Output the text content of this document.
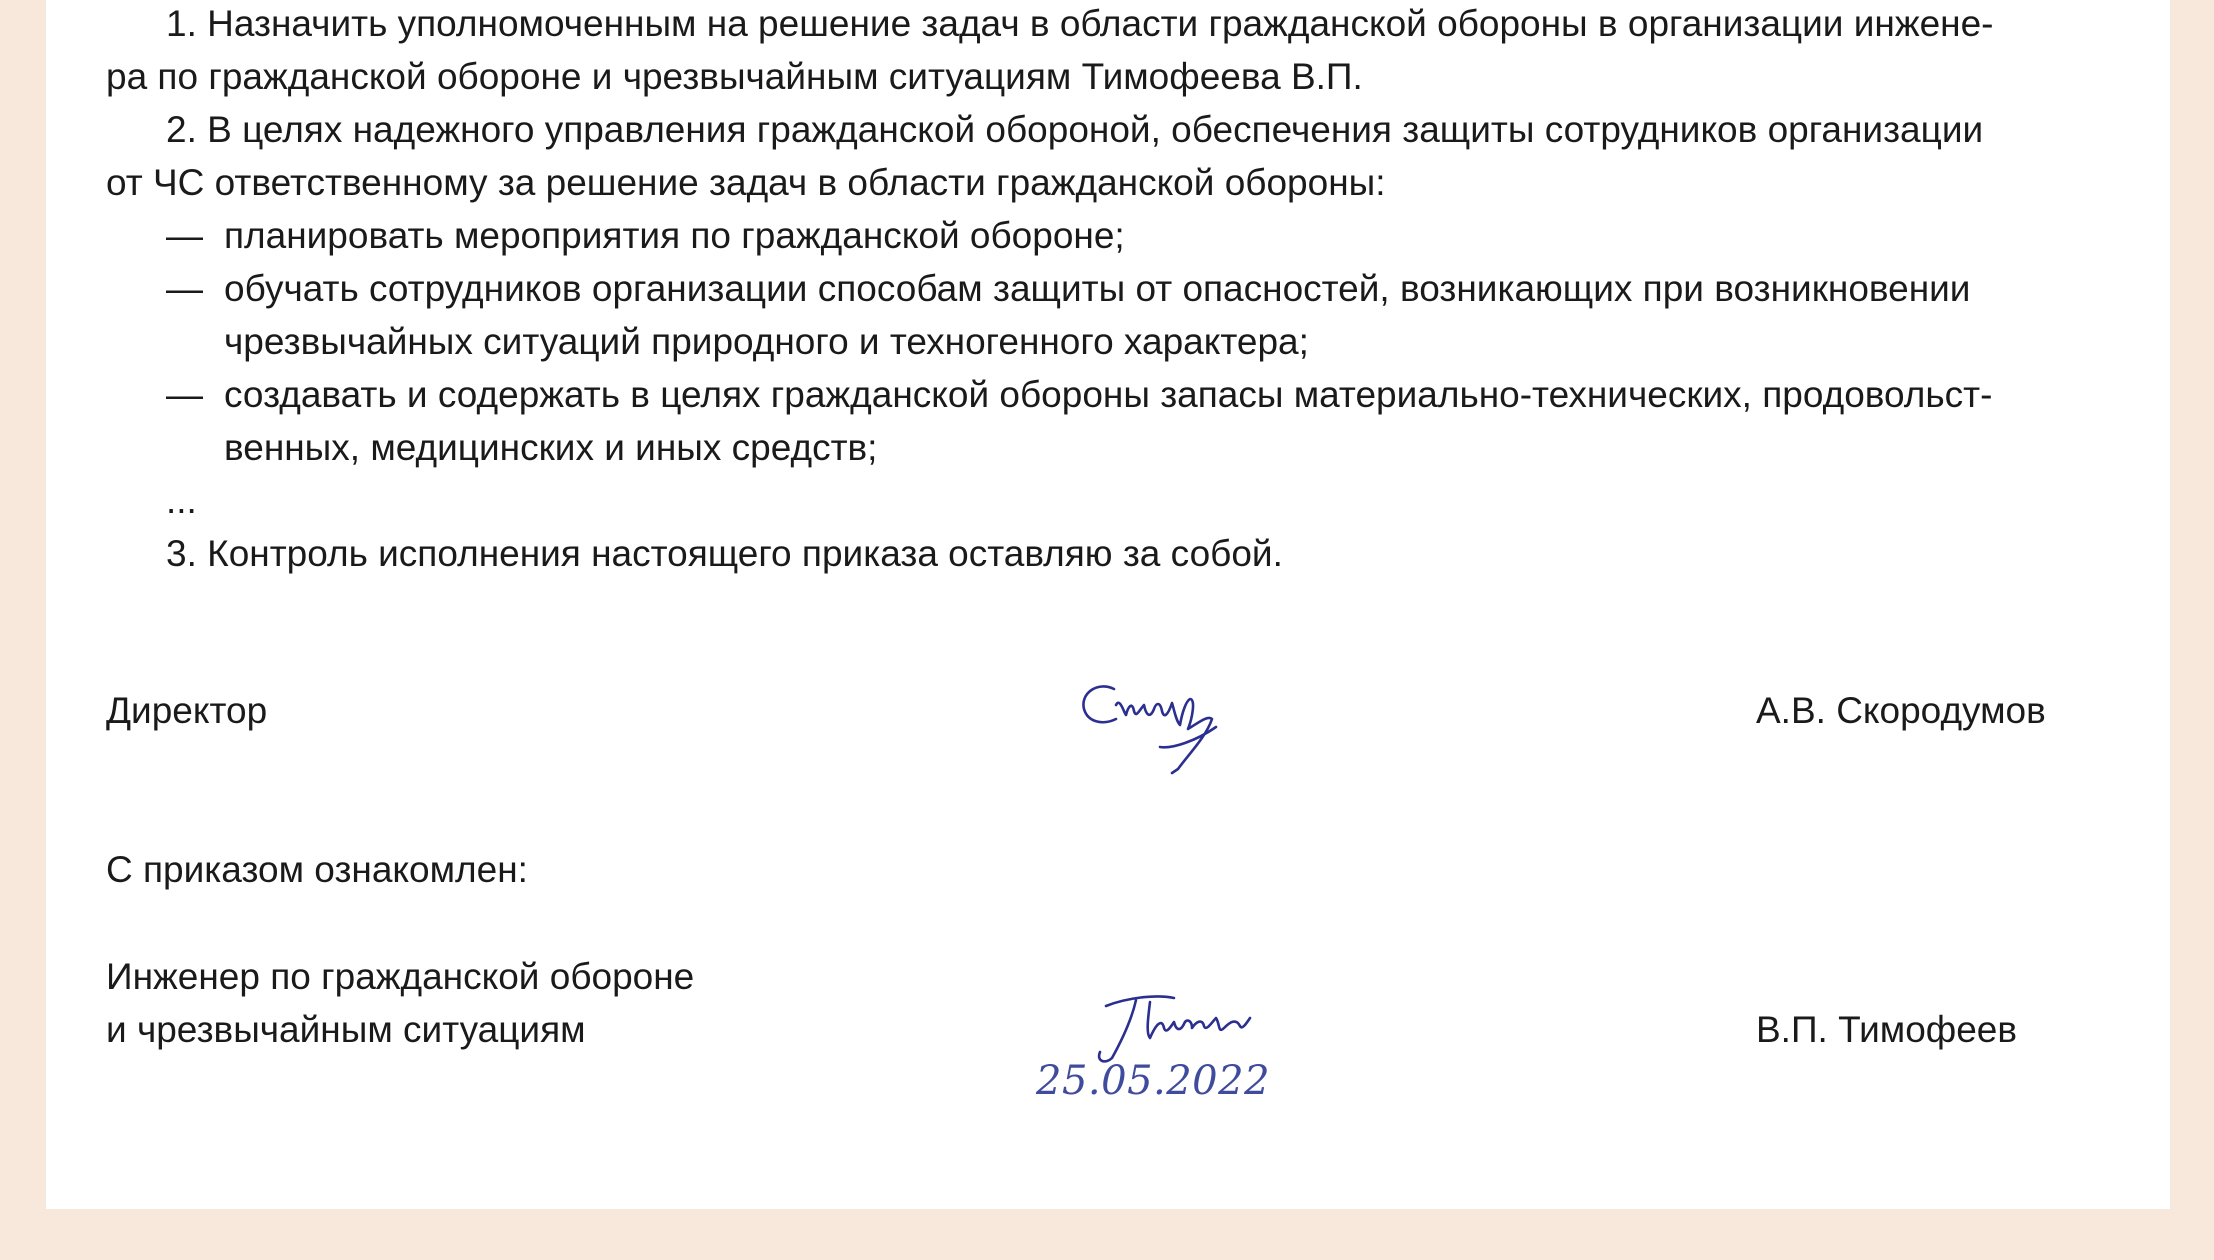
1. Назначить уполномоченным на решение задач в области гражданской обороны в организации инжене-
ра по гражданской обороне и чрезвычайным ситуациям Тимофеева В.П.
2. В целях надежного управления гражданской обороной, обеспечения защиты сотрудников организации
от ЧС ответственному за решение задач в области гражданской обороны:
— планировать мероприятия по гражданской обороне;
— обучать сотрудников организации способам защиты от опасностей, возникающих при возникновении
чрезвычайных ситуаций природного и техногенного характера;
— создавать и содержать в целях гражданской обороны запасы материально-технических, продовольст-
венных, медицинских и иных средств;
...
3. Контроль исполнения настоящего приказа оставляю за собой.
Директор	А.В. Скородумов
С приказом ознакомлен:
Инженер по гражданской обороне
и чрезвычайным ситуациям
25.05.2022
В.П. Тимофеев
